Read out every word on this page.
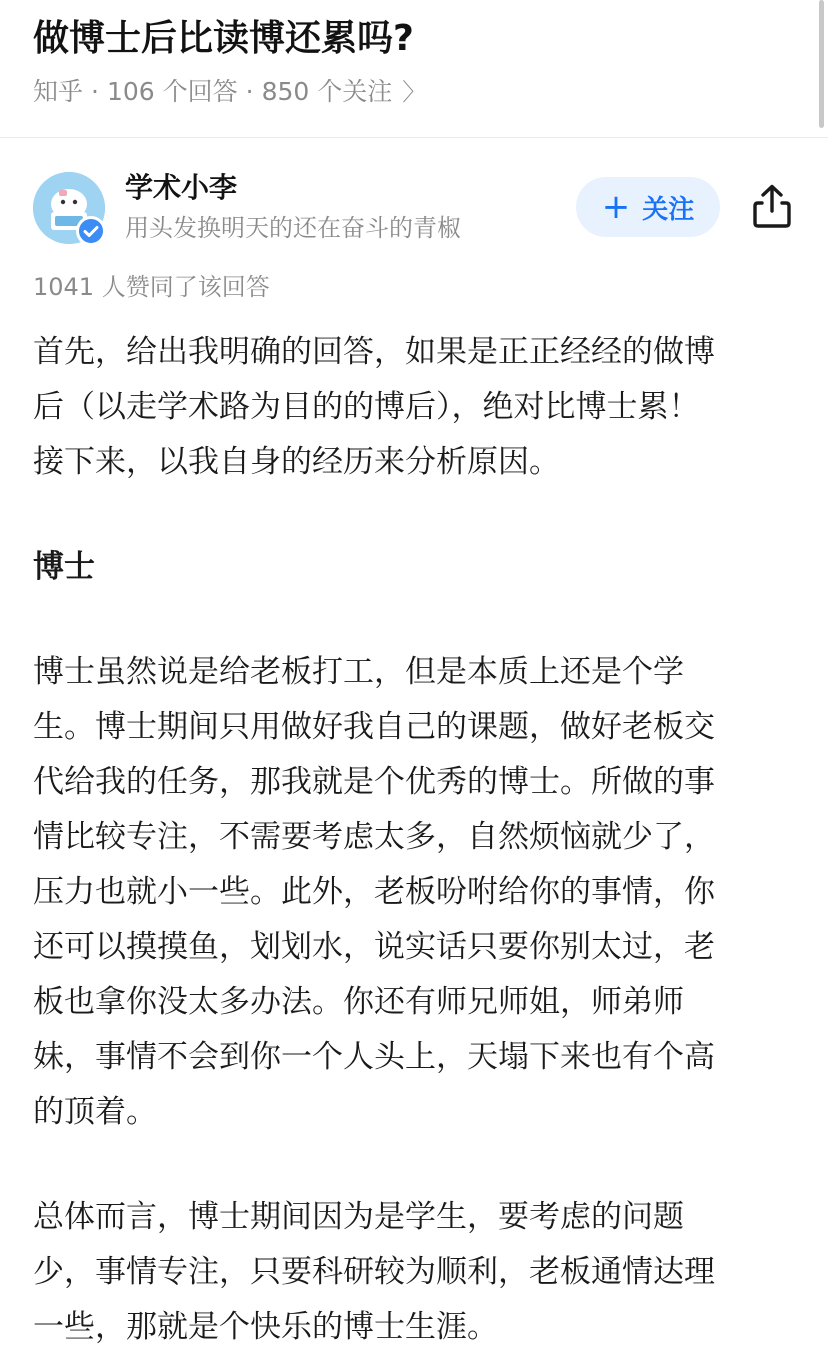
做博士后比读博还累吗?
知乎 · 106 个回答 · 850 个关注 〉
学术小李
用头发换明天的还在奋斗的青椒
+ 关注
1041 人赞同了该回答
首先，给出我明确的回答，如果是正正经经的做博
后（以走学术路为目的的博后），绝对比博士累！
接下来，以我自身的经历来分析原因。
博士
博士虽然说是给老板打工，但是本质上还是个学
生。博士期间只用做好我自己的课题，做好老板交
代给我的任务，那我就是个优秀的博士。所做的事
情比较专注，不需要考虑太多，自然烦恼就少了，
压力也就小一些。此外，老板吩咐给你的事情，你
还可以摸摸鱼，划划水，说实话只要你别太过，老
板也拿你没太多办法。你还有师兄师姐，师弟师
妹，事情不会到你一个人头上，天塌下来也有个高
的顶着。
总体而言，博士期间因为是学生，要考虑的问题
少，事情专注，只要科研较为顺利，老板通情达理
一些，那就是个快乐的博士生涯。
